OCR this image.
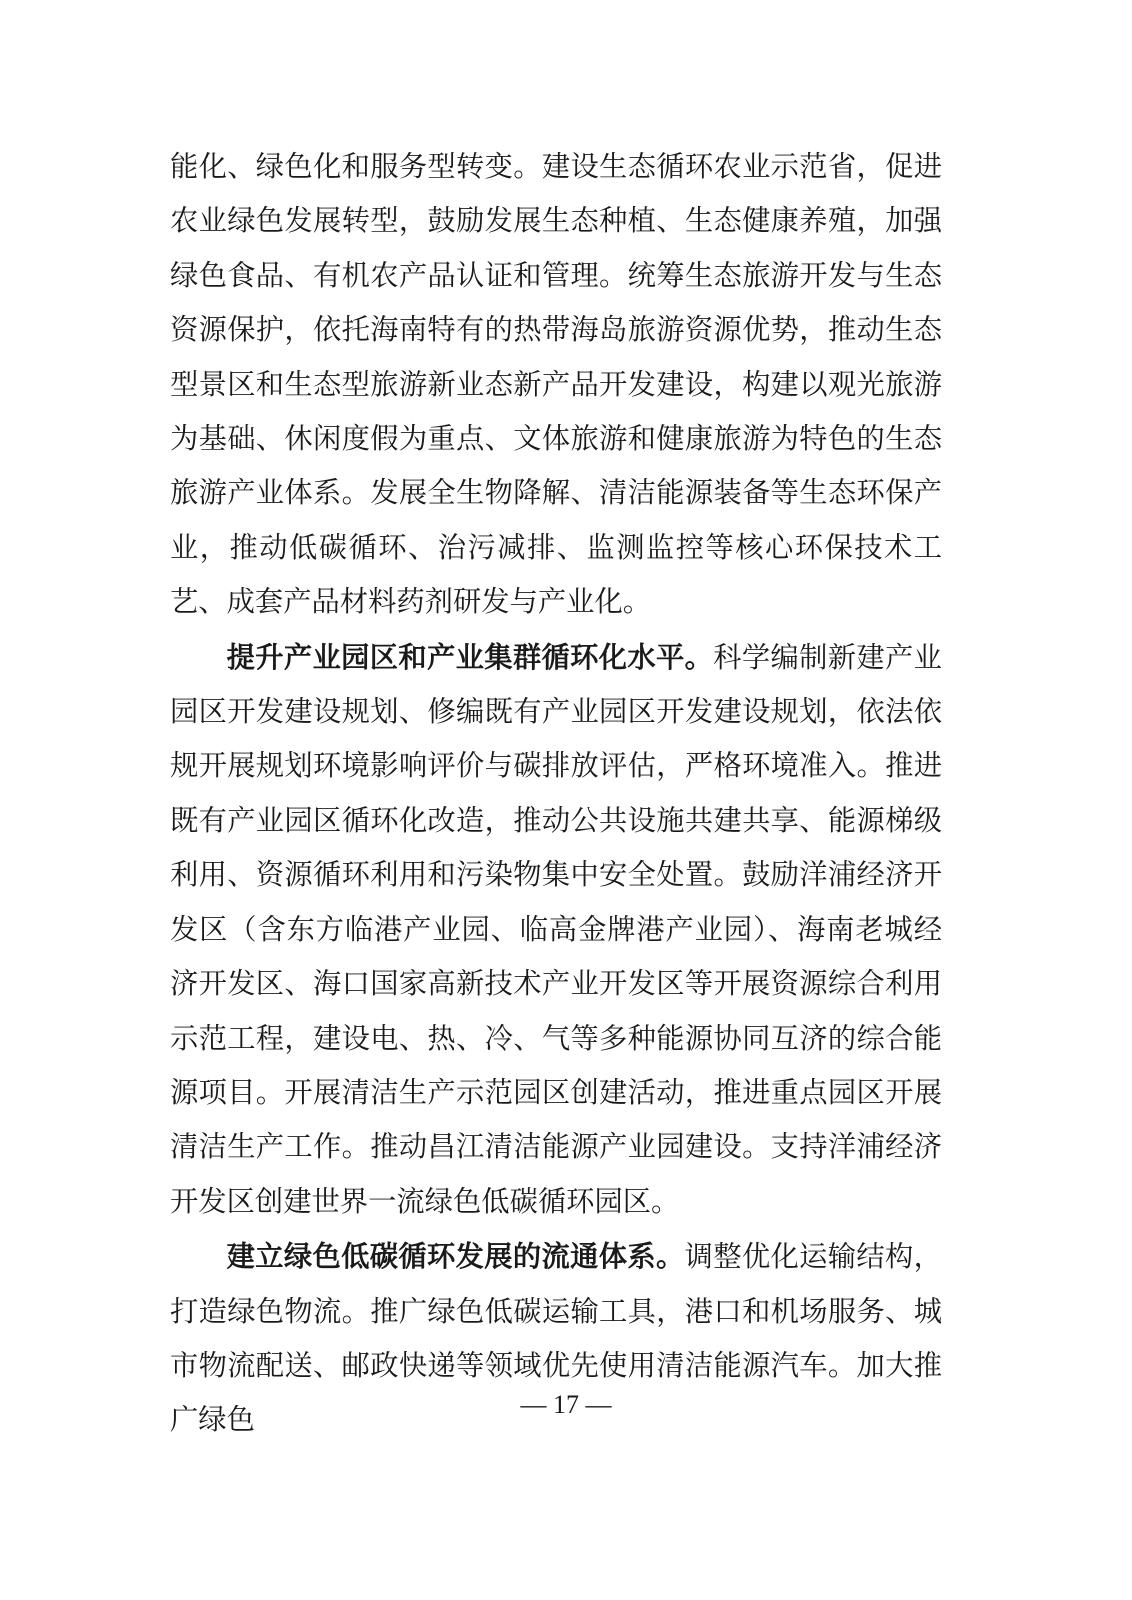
能化、绿色化和服务型转变。建设生态循环农业示范省，促进农业绿色发展转型，鼓励发展生态种植、生态健康养殖，加强绿色食品、有机农产品认证和管理。统筹生态旅游开发与生态资源保护，依托海南特有的热带海岛旅游资源优势，推动生态型景区和生态型旅游新业态新产品开发建设，构建以观光旅游为基础、休闲度假为重点、文体旅游和健康旅游为特色的生态旅游产业体系。发展全生物降解、清洁能源装备等生态环保产业，推动低碳循环、治污减排、监测监控等核心环保技术工艺、成套产品材料药剂研发与产业化。

提升产业园区和产业集群循环化水平。科学编制新建产业园区开发建设规划、修编既有产业园区开发建设规划，依法依规开展规划环境影响评价与碳排放评估，严格环境准入。推进既有产业园区循环化改造，推动公共设施共建共享、能源梯级利用、资源循环利用和污染物集中安全处置。鼓励洋浦经济开发区（含东方临港产业园、临高金牌港产业园）、海南老城经济开发区、海口国家高新技术产业开发区等开展资源综合利用示范工程，建设电、热、冷、气等多种能源协同互济的综合能源项目。开展清洁生产示范园区创建活动，推进重点园区开展清洁生产工作。推动昌江清洁能源产业园建设。支持洋浦经济开发区创建世界一流绿色低碳循环园区。

建立绿色低碳循环发展的流通体系。调整优化运输结构，打造绿色物流。推广绿色低碳运输工具，港口和机场服务、城市物流配送、邮政快递等领域优先使用清洁能源汽车。加大推广绿色	— 17 —
